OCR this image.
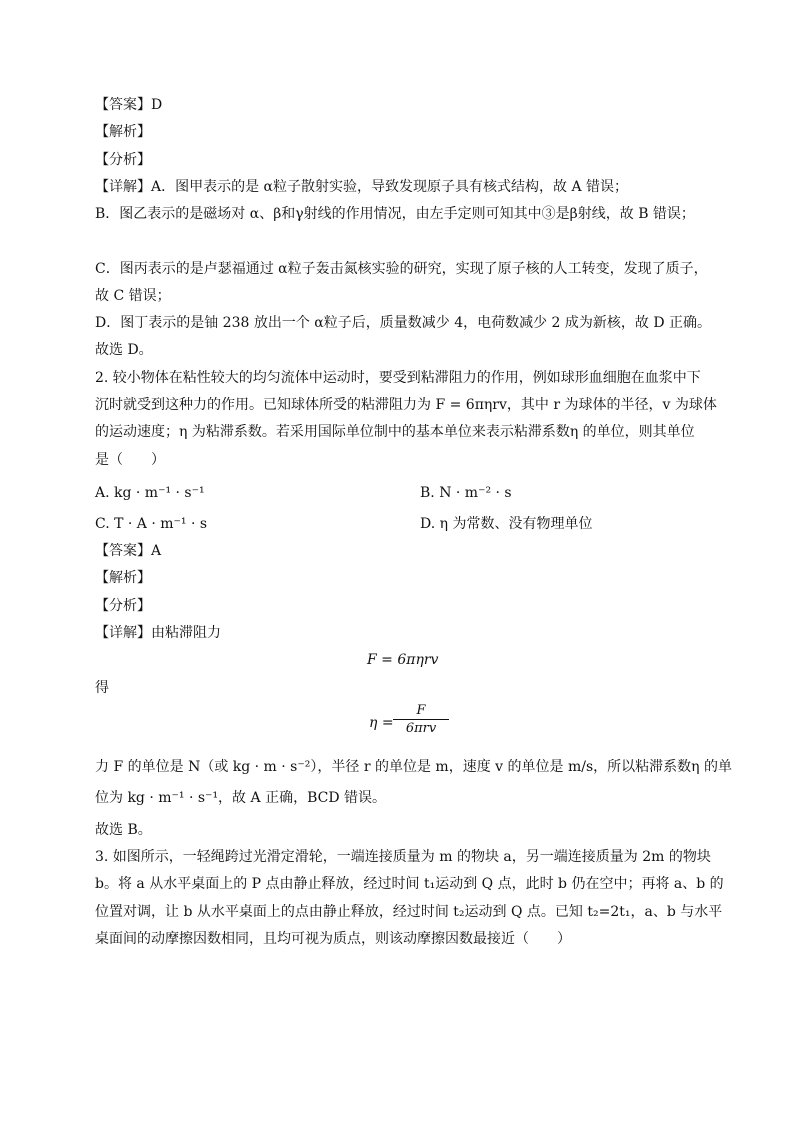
【答案】D
【解析】
【分析】
【详解】A．图甲表示的是 α粒子散射实验，导致发现原子具有核式结构，故 A 错误；
B．图乙表示的是磁场对 α、β和γ射线的作用情况，由左手定则可知其中③是β射线，故 B 错误；
C．图丙表示的是卢瑟福通过 α粒子轰击氮核实验的研究，实现了原子核的人工转变，发现了质子，
故 C 错误；
D．图丁表示的是铀 238 放出一个 α粒子后，质量数减少 4，电荷数减少 2 成为新核，故 D 正确。
故选 D。
2. 较小物体在粘性较大的均匀流体中运动时，要受到粘滞阻力的作用，例如球形血细胞在血浆中下
沉时就受到这种力的作用。已知球体所受的粘滞阻力为 F = 6πηrv，其中 r 为球体的半径，v 为球体
的运动速度；η 为粘滞系数。若采用国际单位制中的基本单位来表示粘滞系数η 的单位，则其单位
是（　　）
A. kg · m⁻¹ · s⁻¹	B. N · m⁻² · s
C. T · A · m⁻¹ · s	D. η 为常数、没有物理单位
【答案】A
【解析】
【分析】
【详解】由粘滞阻力
F = 6πηrv
得
η =
F
6πrv
力 F 的单位是 N（或 kg · m · s⁻²），半径 r 的单位是 m，速度 v 的单位是 m/s，所以粘滞系数η 的单
位为 kg · m⁻¹ · s⁻¹，故 A 正确，BCD 错误。
故选 B。
3. 如图所示，一轻绳跨过光滑定滑轮，一端连接质量为 m 的物块 a，另一端连接质量为 2m 的物块
b。将 a 从水平桌面上的 P 点由静止释放，经过时间 t₁运动到 Q 点，此时 b 仍在空中；再将 a、b 的
位置对调，让 b 从水平桌面上的点由静止释放，经过时间 t₂运动到 Q 点。已知 t₂=2t₁，a、b 与水平
桌面间的动摩擦因数相同，且均可视为质点，则该动摩擦因数最接近（　　）
